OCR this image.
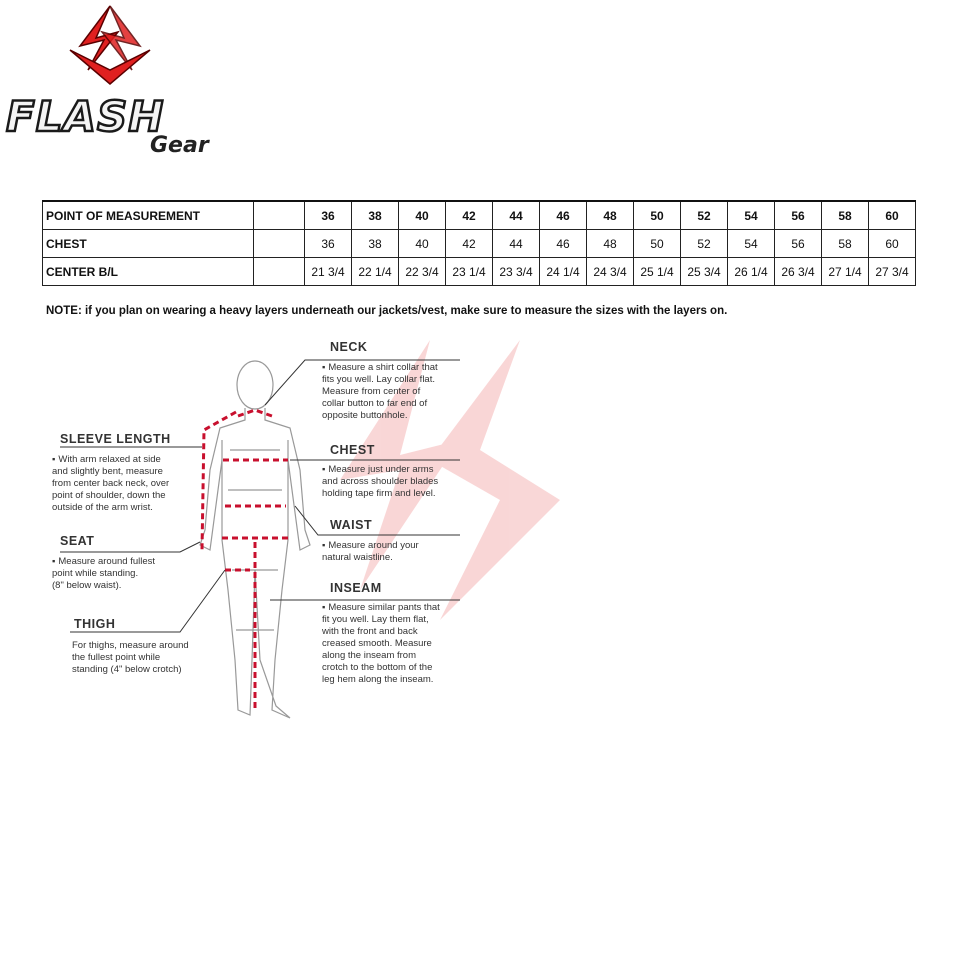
FLASH
Gear
POINT OF MEASUREMENT		36	38	40	42	44	46	48	50	52	54	56	58	60
CHEST		36	38	40	42	44	46	48	50	52	54	56	58	60
CENTER B/L		21 3/4	22 1/4	22 3/4	23 1/4	23 3/4	24 1/4	24 3/4	25 1/4	25 3/4	26 1/4	26 3/4	27 1/4	27 3/4
NOTE: if you plan on wearing a heavy layers underneath our jackets/vest, make sure to measure the sizes with the layers on.
NECK
▪ Measure a shirt collar that
fits you well. Lay collar flat.
Measure from center of
collar button to far end of
opposite buttonhole.
CHEST
▪ Measure just under arms
and across shoulder blades
holding tape firm and level.
WAIST
▪ Measure around your
natural waistline.
INSEAM
▪ Measure similar pants that
fit you well. Lay them flat,
with the front and back
creased smooth. Measure
along the inseam from
crotch to the bottom of the
leg hem along the inseam.
SLEEVE LENGTH
▪ With arm relaxed at side
and slightly bent, measure
from center back neck, over
point of shoulder, down the
outside of the arm wrist.
SEAT
▪ Measure around fullest
point while standing.
(8" below waist).
THIGH
For thighs, measure around
the fullest point while
standing (4" below crotch)
